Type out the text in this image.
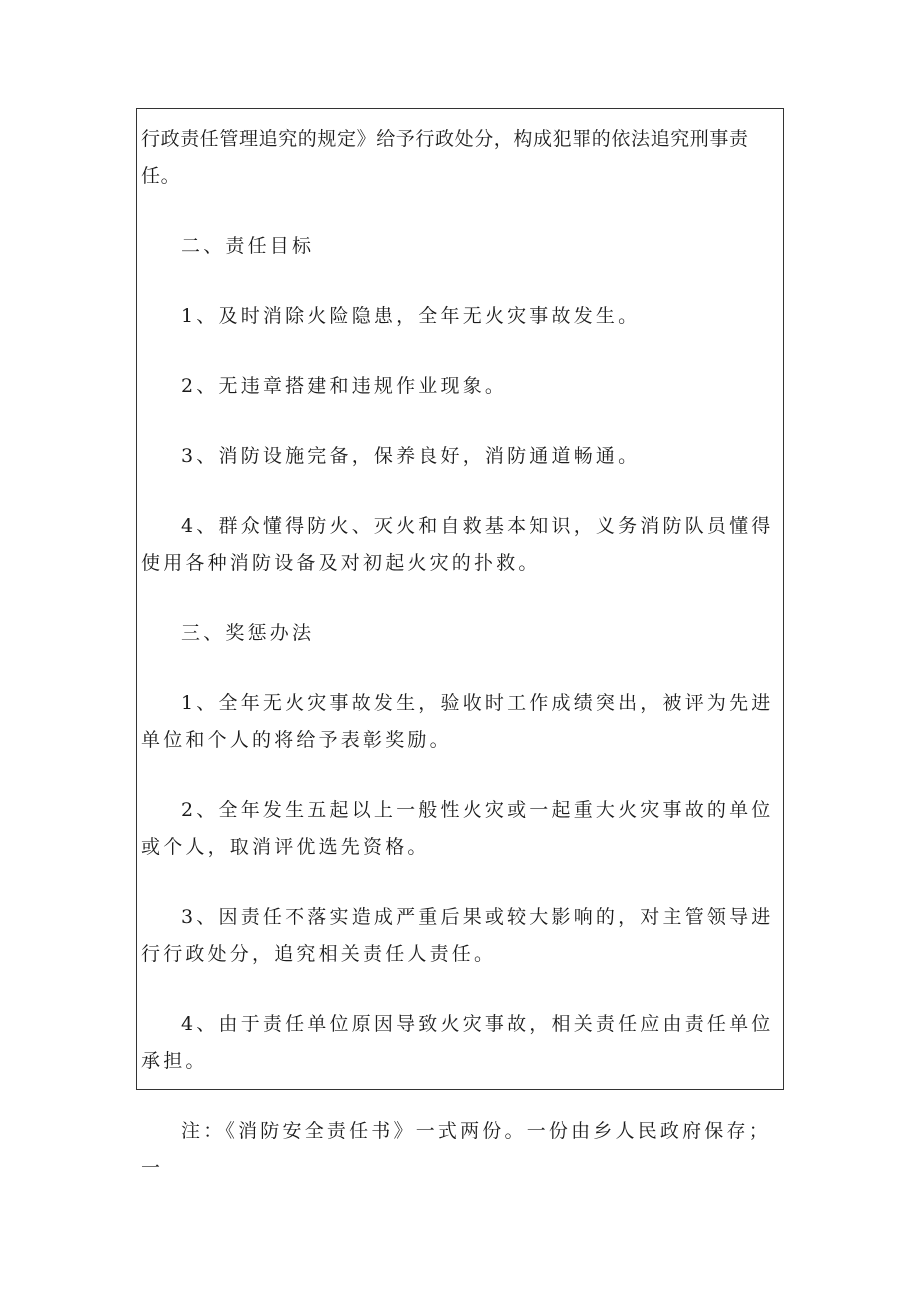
行政责任管理追究的规定》给予行政处分，构成犯罪的依法追究刑事责任。

二、责任目标

1、及时消除火险隐患，全年无火灾事故发生。

2、无违章搭建和违规作业现象。

3、消防设施完备，保养良好，消防通道畅通。

4、群众懂得防火、灭火和自救基本知识，义务消防队员懂得使用各种消防设备及对初起火灾的扑救。

三、奖惩办法

1、全年无火灾事故发生，验收时工作成绩突出，被评为先进单位和个人的将给予表彰奖励。

2、全年发生五起以上一般性火灾或一起重大火灾事故的单位或个人，取消评优选先资格。

3、因责任不落实造成严重后果或较大影响的，对主管领导进行行政处分，追究相关责任人责任。

4、由于责任单位原因导致火灾事故，相关责任应由责任单位承担。

注：《消防安全责任书》一式两份。一份由乡人民政府保存；一
